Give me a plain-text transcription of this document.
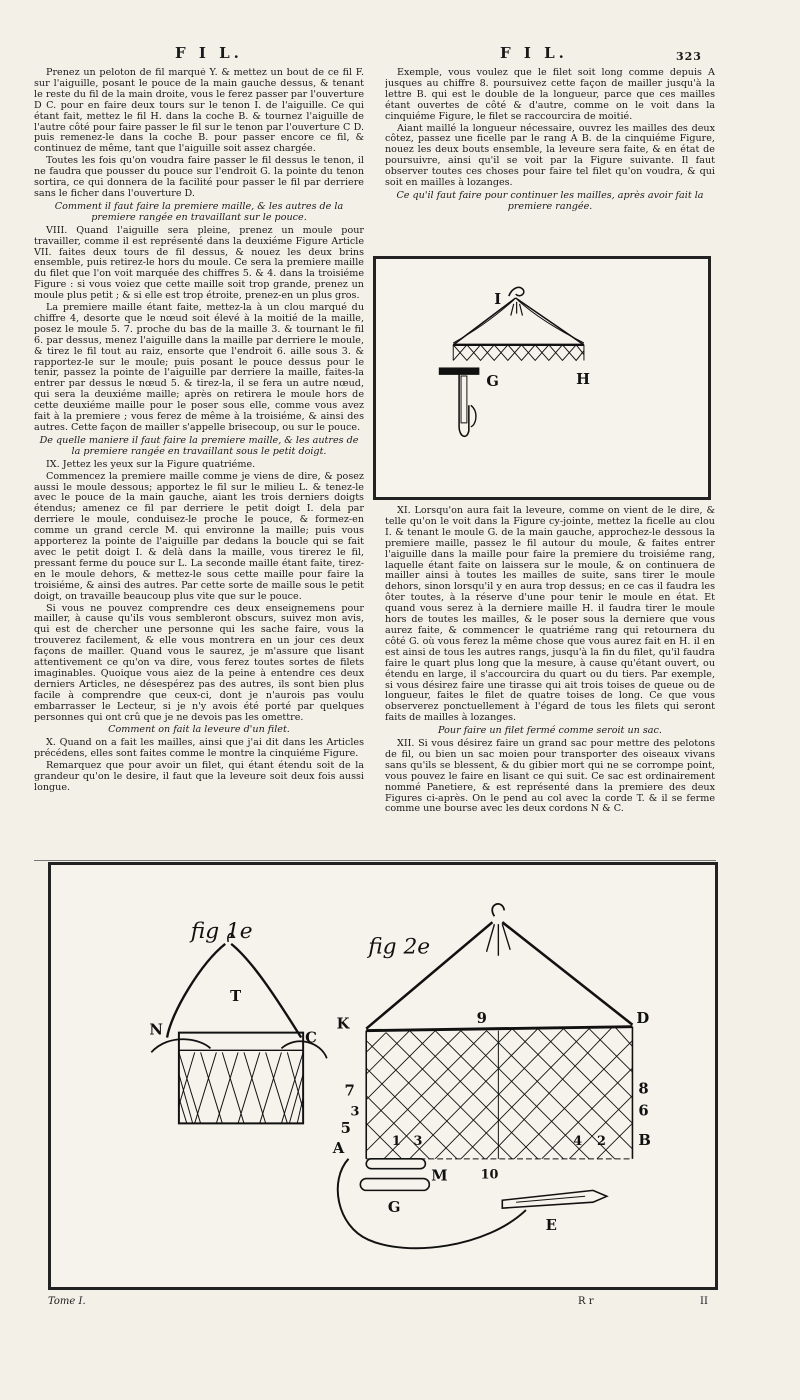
F I L.	F I L.	323

Prenez un peloton de fil marqué Y. & mettez un bout de ce fil F. sur l'aiguille, posant le pouce de la main gauche dessus, & tenant le reste du fil de la main droite, vous le ferez passer par l'ouverture D C. pour en faire deux tours sur le tenon I. de l'aiguille. Ce qui étant fait, mettez le fil H. dans la coche B. & tournez l'aiguille de l'autre côté pour faire passer le fil sur le tenon par l'ouverture C D. puis remenez-le dans la coche B. pour passer encore ce fil, & continuez de même, tant que l'aiguille soit assez chargée.

Toutes les fois qu'on voudra faire passer le fil dessus le tenon, il ne faudra que pousser du pouce sur l'endroit G. la pointe du tenon sortira, ce qui donnera de la facilité pour passer le fil par derriere sans le ficher dans l'ouverture D.

Comment il faut faire la premiere maille, & les autres de la premiere rangée en travaillant sur le pouce.

VIII. Quand l'aiguille sera pleine, prenez un moule pour travailler, comme il est représenté dans la deuxiéme Figure Article VII. faites deux tours de fil dessus, & nouez les deux brins ensemble, puis retirez-le hors du moule. Ce sera la premiere maille du filet que l'on voit marquée des chiffres 5. & 4. dans la troisiéme Figure : si vous voiez que cette maille soit trop grande, prenez un moule plus petit ; & si elle est trop étroite, prenez-en un plus gros.

La premiere maille étant faite, mettez-la à un clou marqué du chiffre 4, desorte que le nœud soit élevé à la moitié de la maille, posez le moule 5. 7. proche du bas de la maille 3. & tournant le fil 6. par dessus, menez l'aiguille dans la maille par derriere le moule, & tirez le fil tout au raiz, ensorte que l'endroit 6. aille sous 3. & rapportez-le sur le moule; puis posant le pouce dessus pour le tenir, passez la pointe de l'aiguille par derriere la maille, faites-la entrer par dessus le nœud 5. & tirez-la, il se fera un autre nœud, qui sera la deuxiéme maille; après on retirera le moule hors de cette deuxiéme maille pour le poser sous elle, comme vous avez fait à la premiere ; vous ferez de même à la troisiéme, & ainsi des autres. Cette façon de mailler s'appelle brisecoup, ou sur le pouce.

De quelle maniere il faut faire la premiere maille, & les autres de la premiere rangée en travaillant sous le petit doigt.

IX. Jettez les yeux sur la Figure quatriéme.

Commencez la premiere maille comme je viens de dire, & posez aussi le moule dessous; apportez le fil sur le milieu L. & tenez-le avec le pouce de la main gauche, aiant les trois derniers doigts étendus; amenez ce fil par derriere le petit doigt I. dela par derriere le moule, conduisez-le proche le pouce, & formez-en comme un grand cercle M. qui environne la maille; puis vous apporterez la pointe de l'aiguille par dedans la boucle qui se fait avec le petit doigt I. & delà dans la maille, vous tirerez le fil, pressant ferme du pouce sur L. La seconde maille étant faite, tirez-en le moule dehors, & mettez-le sous cette maille pour faire la troisiéme, & ainsi des autres. Par cette sorte de maille sous le petit doigt, on travaille beaucoup plus vite que sur le pouce.

Si vous ne pouvez comprendre ces deux enseignemens pour mailler, à cause qu'ils vous sembleront obscurs, suivez mon avis, qui est de chercher une personne qui les sache faire, vous la trouverez facilement, & elle vous montrera en un jour ces deux façons de mailler. Quand vous le saurez, je m'assure que lisant attentivement ce qu'on va dire, vous ferez toutes sortes de filets imaginables. Quoique vous aiez de la peine à entendre ces deux derniers Articles, ne désespérez pas des autres, ils sont bien plus facile à comprendre que ceux-ci, dont je n'aurois pas voulu embarrasser le Lecteur, si je n'y avois été porté par quelques personnes qui ont crû que je ne devois pas les omettre.

Comment on fait la leveure d'un filet.

X. Quand on a fait les mailles, ainsi que j'ai dit dans les Articles précédens, elles sont faites comme le montre la cinquiéme Figure.

Remarquez que pour avoir un filet, qui étant étendu soit de la grandeur qu'on le desire, il faut que la leveure soit deux fois aussi longue.

Exemple, vous voulez que le filet soit long comme depuis A jusques au chiffre 8. poursuivez cette façon de mailler jusqu'à la lettre B. qui est le double de la longueur, parce que ces mailles étant ouvertes de côté & d'autre, comme on le voit dans la cinquiéme Figure, le filet se raccourcira de moitié.

Aiant maillé la longueur nécessaire, ouvrez les mailles des deux côtez, passez une ficelle par le rang A B. de la cinquiéme Figure, nouez les deux bouts ensemble, la leveure sera faite, & en état de poursuivre, ainsi qu'il se voit par la Figure suivante. Il faut observer toutes ces choses pour faire tel filet qu'on voudra, & qui soit en mailles à lozanges.

Ce qu'il faut faire pour continuer les mailles, après avoir fait la premiere rangée.

I
G	H

XI. Lorsqu'on aura fait la leveure, comme on vient de le dire, & telle qu'on le voit dans la Figure cy-jointe, mettez la ficelle au clou I. & tenant le moule G. de la main gauche, approchez-le dessous la premiere maille, passez le fil autour du moule, & faites entrer l'aiguille dans la maille pour faire la premiere du troisiéme rang, laquelle étant faite on laissera sur le moule, & on continuera de mailler ainsi à toutes les mailles de suite, sans tirer le moule dehors, sinon lorsqu'il y en aura trop dessus; en ce cas il faudra les ôter toutes, à la réserve d'une pour tenir le moule en état. Et quand vous serez à la derniere maille H. il faudra tirer le moule hors de toutes les mailles, & le poser sous la derniere que vous aurez faite, & commencer le quatriéme rang qui retournera du côté G. où vous ferez la même chose que vous aurez fait en H. il en est ainsi de tous les autres rangs, jusqu'à la fin du filet, qu'il faudra faire le quart plus long que la mesure, à cause qu'étant ouvert, ou étendu en large, il s'accourcira du quart ou du tiers. Par exemple, si vous désirez faire une tirasse qui ait trois toises de queue ou de longueur, faites le filet de quatre toises de long. Ce que vous observerez ponctuellement à l'égard de tous les filets qui seront faits de mailles à lozanges.

Pour faire un filet fermé comme seroit un sac.

XII. Si vous désirez faire un grand sac pour mettre des pelotons de fil, ou bien un sac moien pour transporter des oiseaux vivans sans qu'ils se blessent, & du gibier mort qui ne se corrompe point, vous pouvez le faire en lisant ce qui suit. Ce sac est ordinairement nommé Panetiere, & est représenté dans la premiere des deux Figures ci-après. On le pend au col avec la corde T. & il se ferme comme une bourse avec les deux cordons N & C.

fig 1e
fig 2e
T
N	C
K	D
9
7
3
5
A
8
6
B
1 3	4 2
M	10
G
E
Tome I.	R r	II
